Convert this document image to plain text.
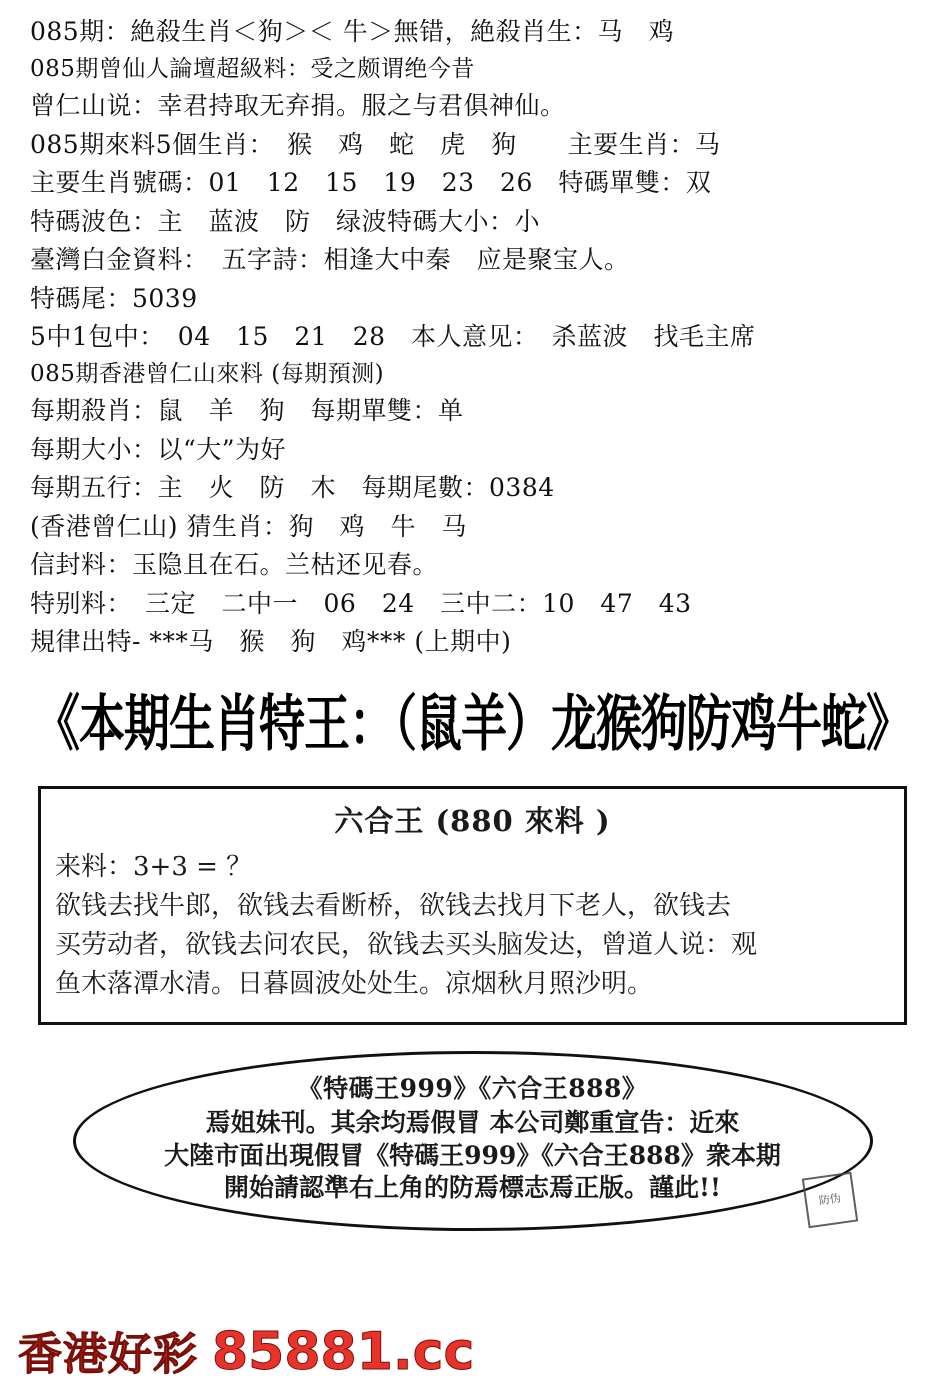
085期：絶殺生肖＜狗＞＜ 牛＞無错，絶殺肖生：马　鸡

085期曾仙人論壇超級料：受之颇谓绝今昔

曾仁山说：幸君持取无弃捐。服之与君俱神仙。

085期來料5個生肖：　猴　鸡　蛇　虎　狗　　主要生肖：马

主要生肖號碼：01　12　15　19　23　26　特碼單雙：双

特碼波色：主　蓝波　防　绿波特碼大小：小

臺灣白金資料：　五字詩：相逢大中秦　应是聚宝人。

特碼尾：5039

5中1包中：　04　15　21　28　本人意见：　杀蓝波　找毛主席

085期香港曾仁山來料 (每期預测)

每期殺肖：鼠　羊　狗　每期單雙：单

每期大小：以“大”为好

每期五行：主　火　防　木　每期尾數：0384

(香港曾仁山) 猜生肖：狗　鸡　牛　马

信封料：玉隐且在石。兰枯还见春。

特别料：　三定　二中一　06　24　三中二：10　47　43

規律出特- ***马　猴　狗　鸡*** (上期中)

《本期生肖特王：（鼠羊）龙猴狗防鸡牛蛇》
六合王 (880 來料 )

来料：3+3 = ？

欲钱去找牛郎，欲钱去看断桥，欲钱去找月下老人，欲钱去

买劳动者，欲钱去问农民，欲钱去买头脑发达，曾道人说：观

鱼木落潭水清。日暮圆波处处生。凉烟秋月照沙明。

《特碼王999》《六合王888》
焉姐妹刊。其余均焉假冒 本公司鄭重宣告：近來
大陸市面出現假冒《特碼王999》《六合王888》衆本期
開始請認準右上角的防焉標志焉正版。謹此!!	防伪
香港好彩 85881.cc
